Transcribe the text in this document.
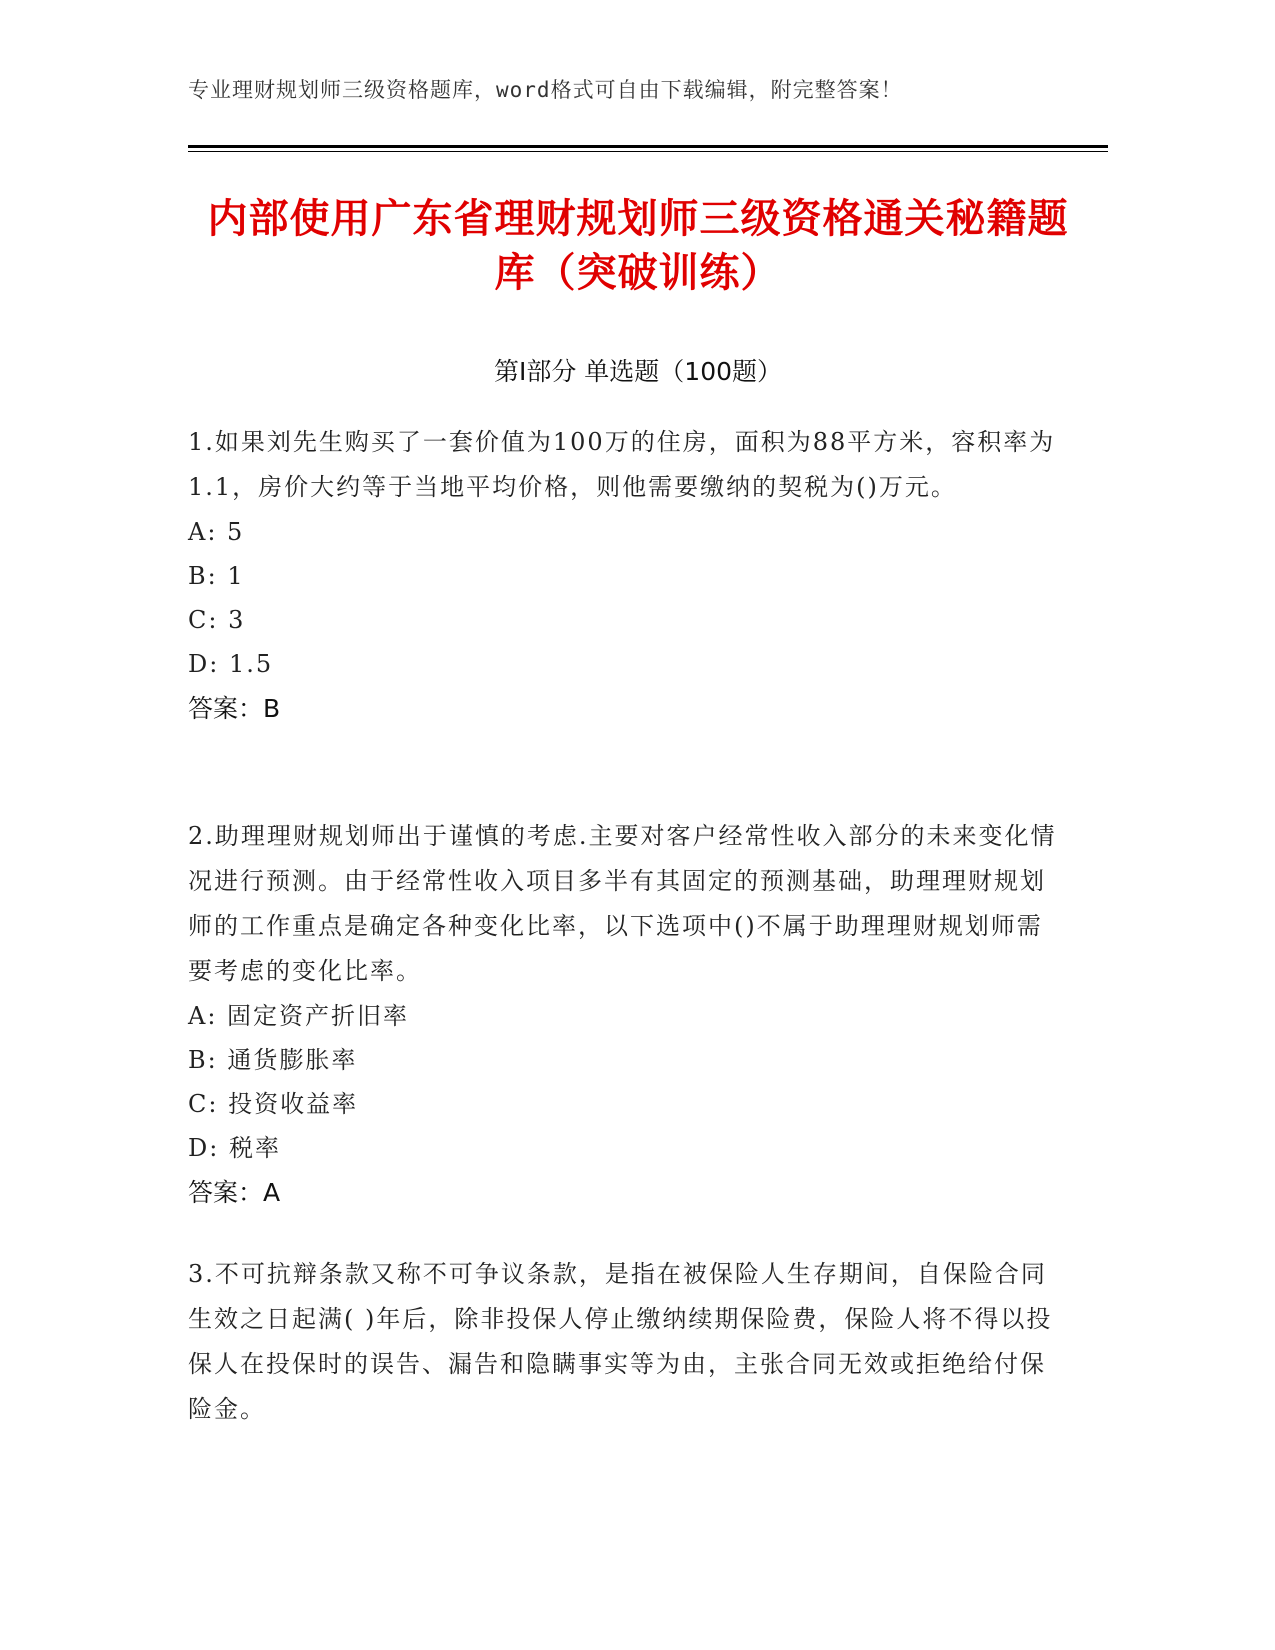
专业理财规划师三级资格题库，word格式可自由下载编辑，附完整答案！
内部使用广东省理财规划师三级资格通关秘籍题库（突破训练）
第Ⅰ部分 单选题（100题）
1.如果刘先生购买了一套价值为100万的住房，面积为88平方米，容积率为1.1，房价大约等于当地平均价格，则他需要缴纳的契税为()万元。
A: 5
B: 1
C: 3
D: 1.5
答案：B
2.助理理财规划师出于谨慎的考虑.主要对客户经常性收入部分的未来变化情况进行预测。由于经常性收入项目多半有其固定的预测基础，助理理财规划师的工作重点是确定各种变化比率，以下选项中()不属于助理理财规划师需要考虑的变化比率。
A: 固定资产折旧率
B: 通货膨胀率
C: 投资收益率
D: 税率
答案：A
3.不可抗辩条款又称不可争议条款，是指在被保险人生存期间，自保险合同生效之日起满( )年后，除非投保人停止缴纳续期保险费，保险人将不得以投保人在投保时的误告、漏告和隐瞒事实等为由，主张合同无效或拒绝给付保险金。
